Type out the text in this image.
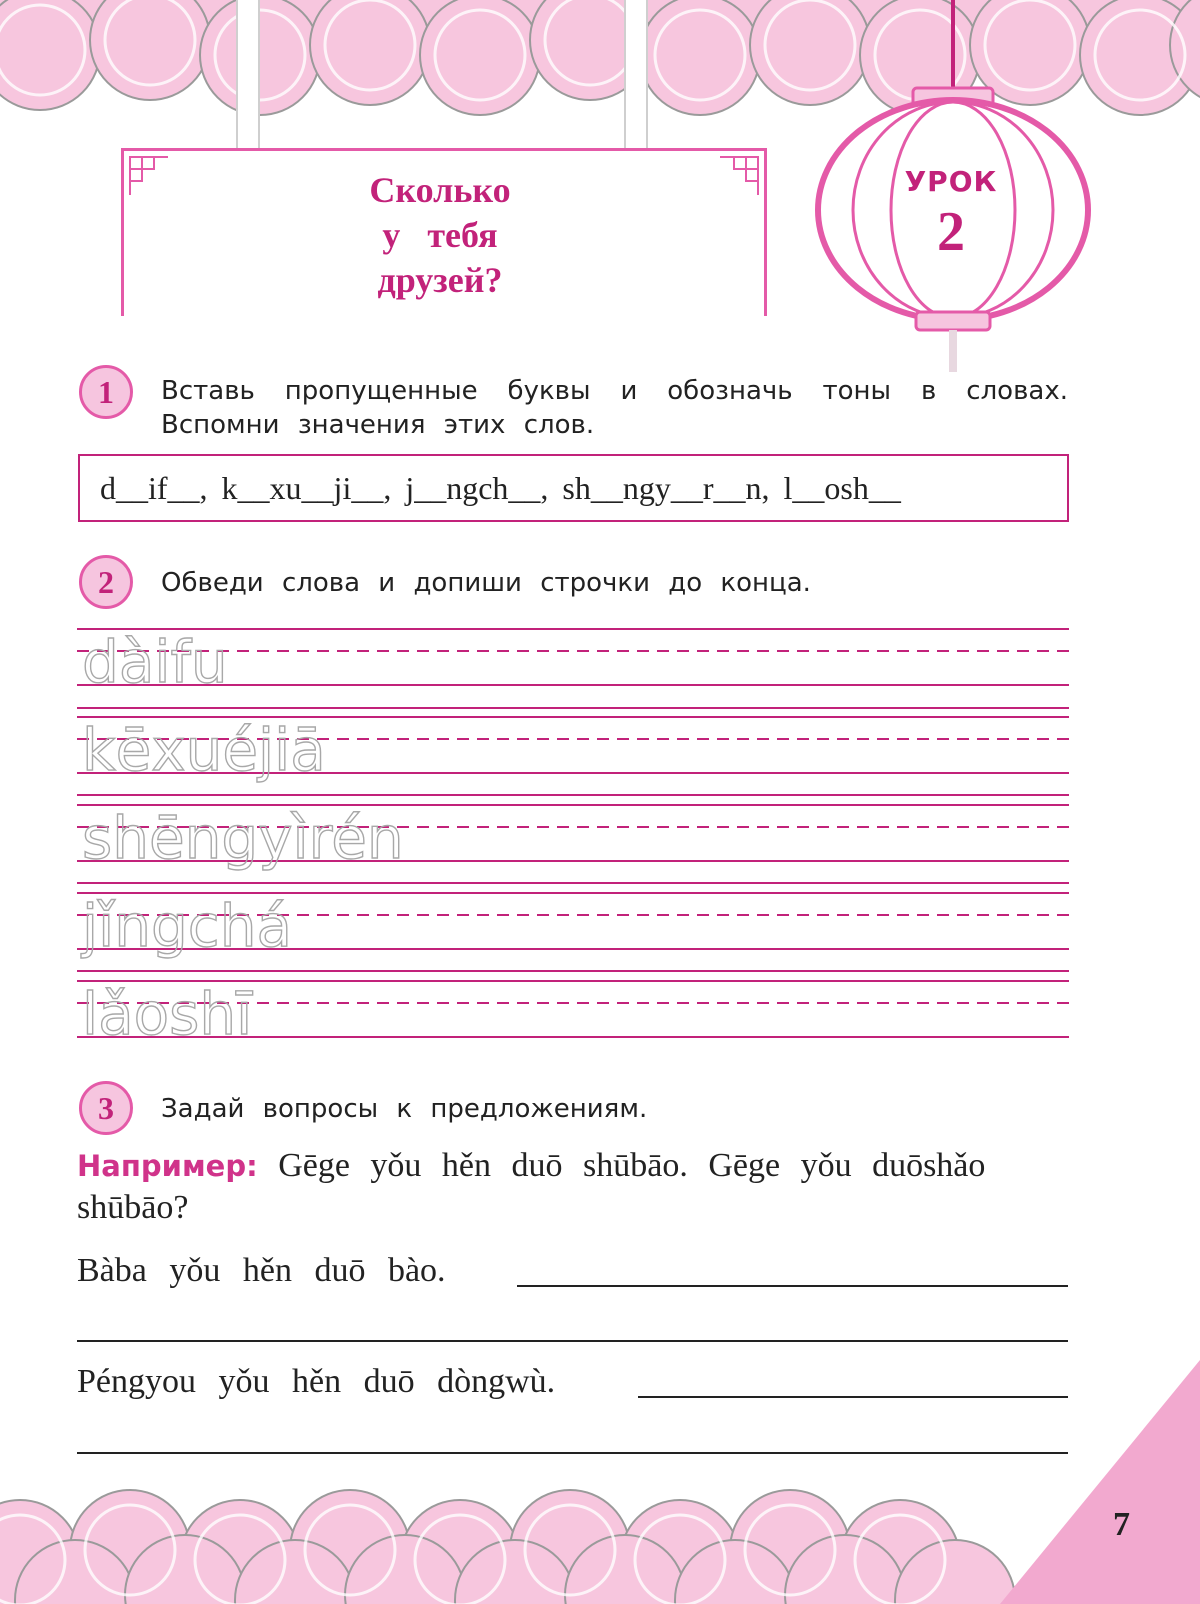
Сколько
у   тебя
друзей?
УРОК
2
1	Вставь пропущенные буквы и обозначь тоны в словах. Вспомни значения этих слов.
d__if__, k__xu__ji__, j__ngch__, sh__ngy__r__n, l__osh__
2	Обведи слова и допиши строчки до конца.
dàifu
kēxuéjiā
shēngyìrén
jǐngchá
lǎoshī
3	Задай вопросы к предложениям.
Например: Gēge yǒu hěn duō shūbāo. Gēge yǒu duōshǎo shūbāo?
Bàba yǒu hěn duō bào.
Péngyou yǒu hěn duō dòngwù.
7
